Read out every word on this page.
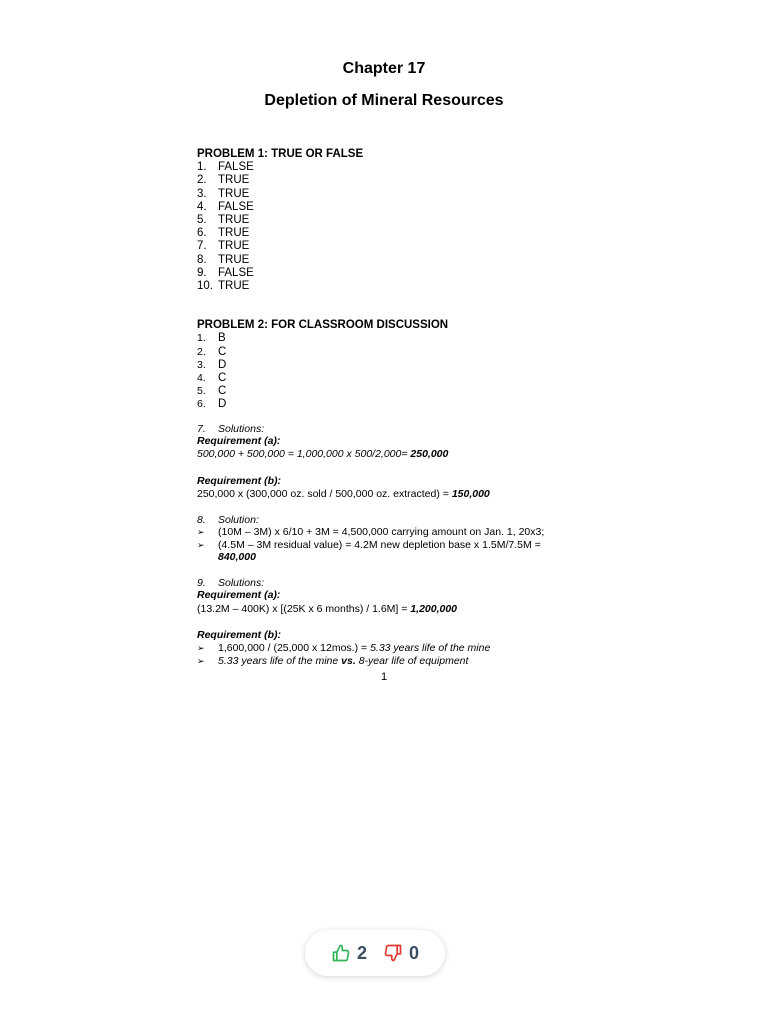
Chapter 17
Depletion of Mineral Resources
PROBLEM 1: TRUE OR FALSE
1. FALSE
2. TRUE
3. TRUE
4. FALSE
5. TRUE
6. TRUE
7. TRUE
8. TRUE
9. FALSE
10. TRUE
PROBLEM 2: FOR CLASSROOM DISCUSSION
1.	B
2.	C
3.	D
4.	C
5.	C
6.	D
7.	Solutions:
Requirement (a):
500,000 + 500,000 = 1,000,000 x 500/2,000= 250,000
Requirement (b):
250,000 x (300,000 oz. sold / 500,000 oz. extracted) = 150,000
8.	Solution:
➢	(10M – 3M) x 6/10 + 3M = 4,500,000 carrying amount on Jan. 1, 20x3;
➢	(4.5M – 3M residual value) = 4.2M new depletion base x 1.5M/7.5M =
840,000
9.	Solutions:
Requirement (a):
(13.2M – 400K) x [(25K x 6 months) / 1.6M] = 1,200,000
Requirement (b):
➢	1,600,000 / (25,000 x 12mos.) = 5.33 years life of the mine
➢	5.33 years life of the mine vs. 8-year life of equipment
1
2 0
